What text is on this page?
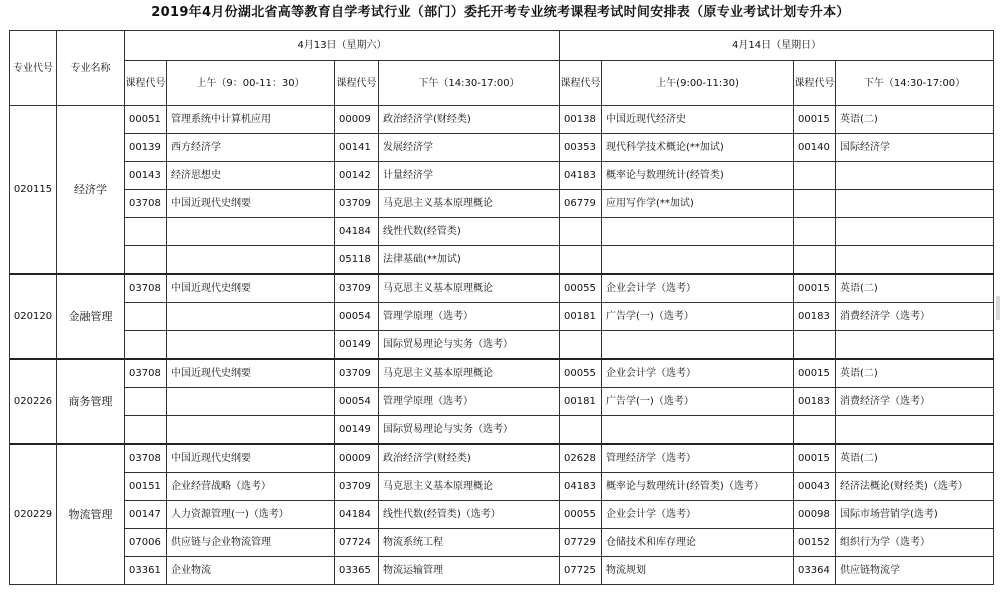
2019年4月份湖北省高等教育自学考试行业（部门）委托开考专业统考课程考试时间安排表（原专业考试计划专升本）
专业代号	专业名称	4月13日（星期六）				4月14日（星期日）			
		课程代号	上午（9：00-11：30）	课程代号	下午（14:30-17:00）	课程代号	上午(9:00-11:30)	课程代号	下午（14:30-17:00）
020115	经济学	00051	管理系统中计算机应用	00009	政治经济学(财经类)	00138	中国近现代经济史	00015	英语(二)
		00139	西方经济学	00141	发展经济学	00353	现代科学技术概论(**加试)	00140	国际经济学
		00143	经济思想史	00142	计量经济学	04183	概率论与数理统计(经管类)		
		03708	中国近现代史纲要	03709	马克思主义基本原理概论	06779	应用写作学(**加试)		
				04184	线性代数(经管类)				
				05118	法律基础(**加试)				
020120	金融管理	03708	中国近现代史纲要	03709	马克思主义基本原理概论	00055	企业会计学（选考）	00015	英语(二)
				00054	管理学原理（选考）	00181	广告学(一)（选考）	00183	消费经济学（选考）
				00149	国际贸易理论与实务（选考）				
020226	商务管理	03708	中国近现代史纲要	03709	马克思主义基本原理概论	00055	企业会计学（选考）	00015	英语(二)
				00054	管理学原理（选考）	00181	广告学(一)（选考）	00183	消费经济学（选考）
				00149	国际贸易理论与实务（选考）				
020229	物流管理	03708	中国近现代史纲要	00009	政治经济学(财经类)	02628	管理经济学（选考）	00015	英语(二)
		00151	企业经营战略（选考）	03709	马克思主义基本原理概论	04183	概率论与数理统计(经管类)（选考）	00043	经济法概论(财经类)（选考）
		00147	人力资源管理(一)（选考）	04184	线性代数(经管类)（选考）	00055	企业会计学（选考）	00098	国际市场营销学(选考)
		07006	供应链与企业物流管理	07724	物流系统工程	07729	仓储技术和库存理论	00152	组织行为学（选考）
		03361	企业物流	03365	物流运输管理	07725	物流规划	03364	供应链物流学
